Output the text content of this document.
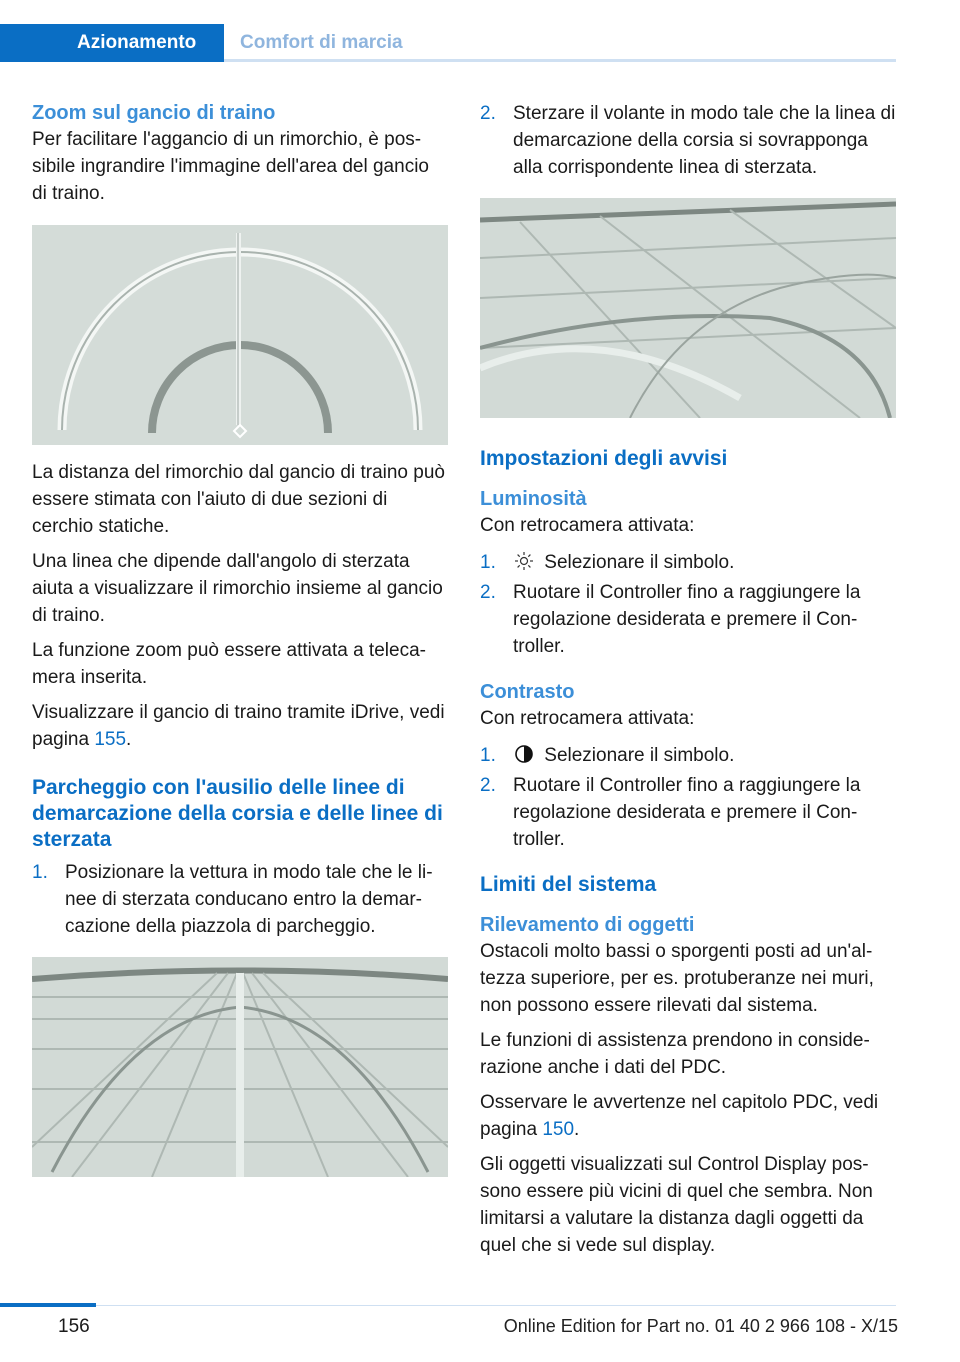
Azionamento	Comfort di marcia
Zoom sul gancio di traino

Per facilitare l'aggancio di un rimorchio, è possibile ingrandire l'immagine dell'area del gancio di traino.

La distanza del rimorchio dal gancio di traino può essere stimata con l'aiuto di due sezioni di cerchio statiche.

Una linea che dipende dall'angolo di sterzata aiuta a visualizzare il rimorchio insieme al gancio di traino.

La funzione zoom può essere attivata a telecamera inserita.

Visualizzare il gancio di traino tramite iDrive, vedi pagina 155.

Parcheggio con l'ausilio delle linee di demarcazione della corsia e delle linee di sterzata
1. Posizionare la vettura in modo tale che le linee di sterzata conducano entro la demarcazione della piazzola di parcheggio.
2. Sterzare il volante in modo tale che la linea di demarcazione della corsia si sovrapponga alla corrispondente linea di sterzata.
Impostazioni degli avvisi
Luminosità

Con retrocamera attivata:

1.	Selezionare il simbolo.
2. Ruotare il Controller fino a raggiungere la regolazione desiderata e premere il Controller.
Contrasto

Con retrocamera attivata:

1.	Selezionare il simbolo.
2. Ruotare il Controller fino a raggiungere la regolazione desiderata e premere il Controller.
Limiti del sistema
Rilevamento di oggetti

Ostacoli molto bassi o sporgenti posti ad un'altezza superiore, per es. protuberanze nei muri, non possono essere rilevati dal sistema.

Le funzioni di assistenza prendono in considerazione anche i dati del PDC.

Osservare le avvertenze nel capitolo PDC, vedi pagina 150.

Gli oggetti visualizzati sul Control Display possono essere più vicini di quel che sembra. Non limitarsi a valutare la distanza dagli oggetti da quel che si vede sul display.

156	Online Edition for Part no. 01 40 2 966 108 - X/15
